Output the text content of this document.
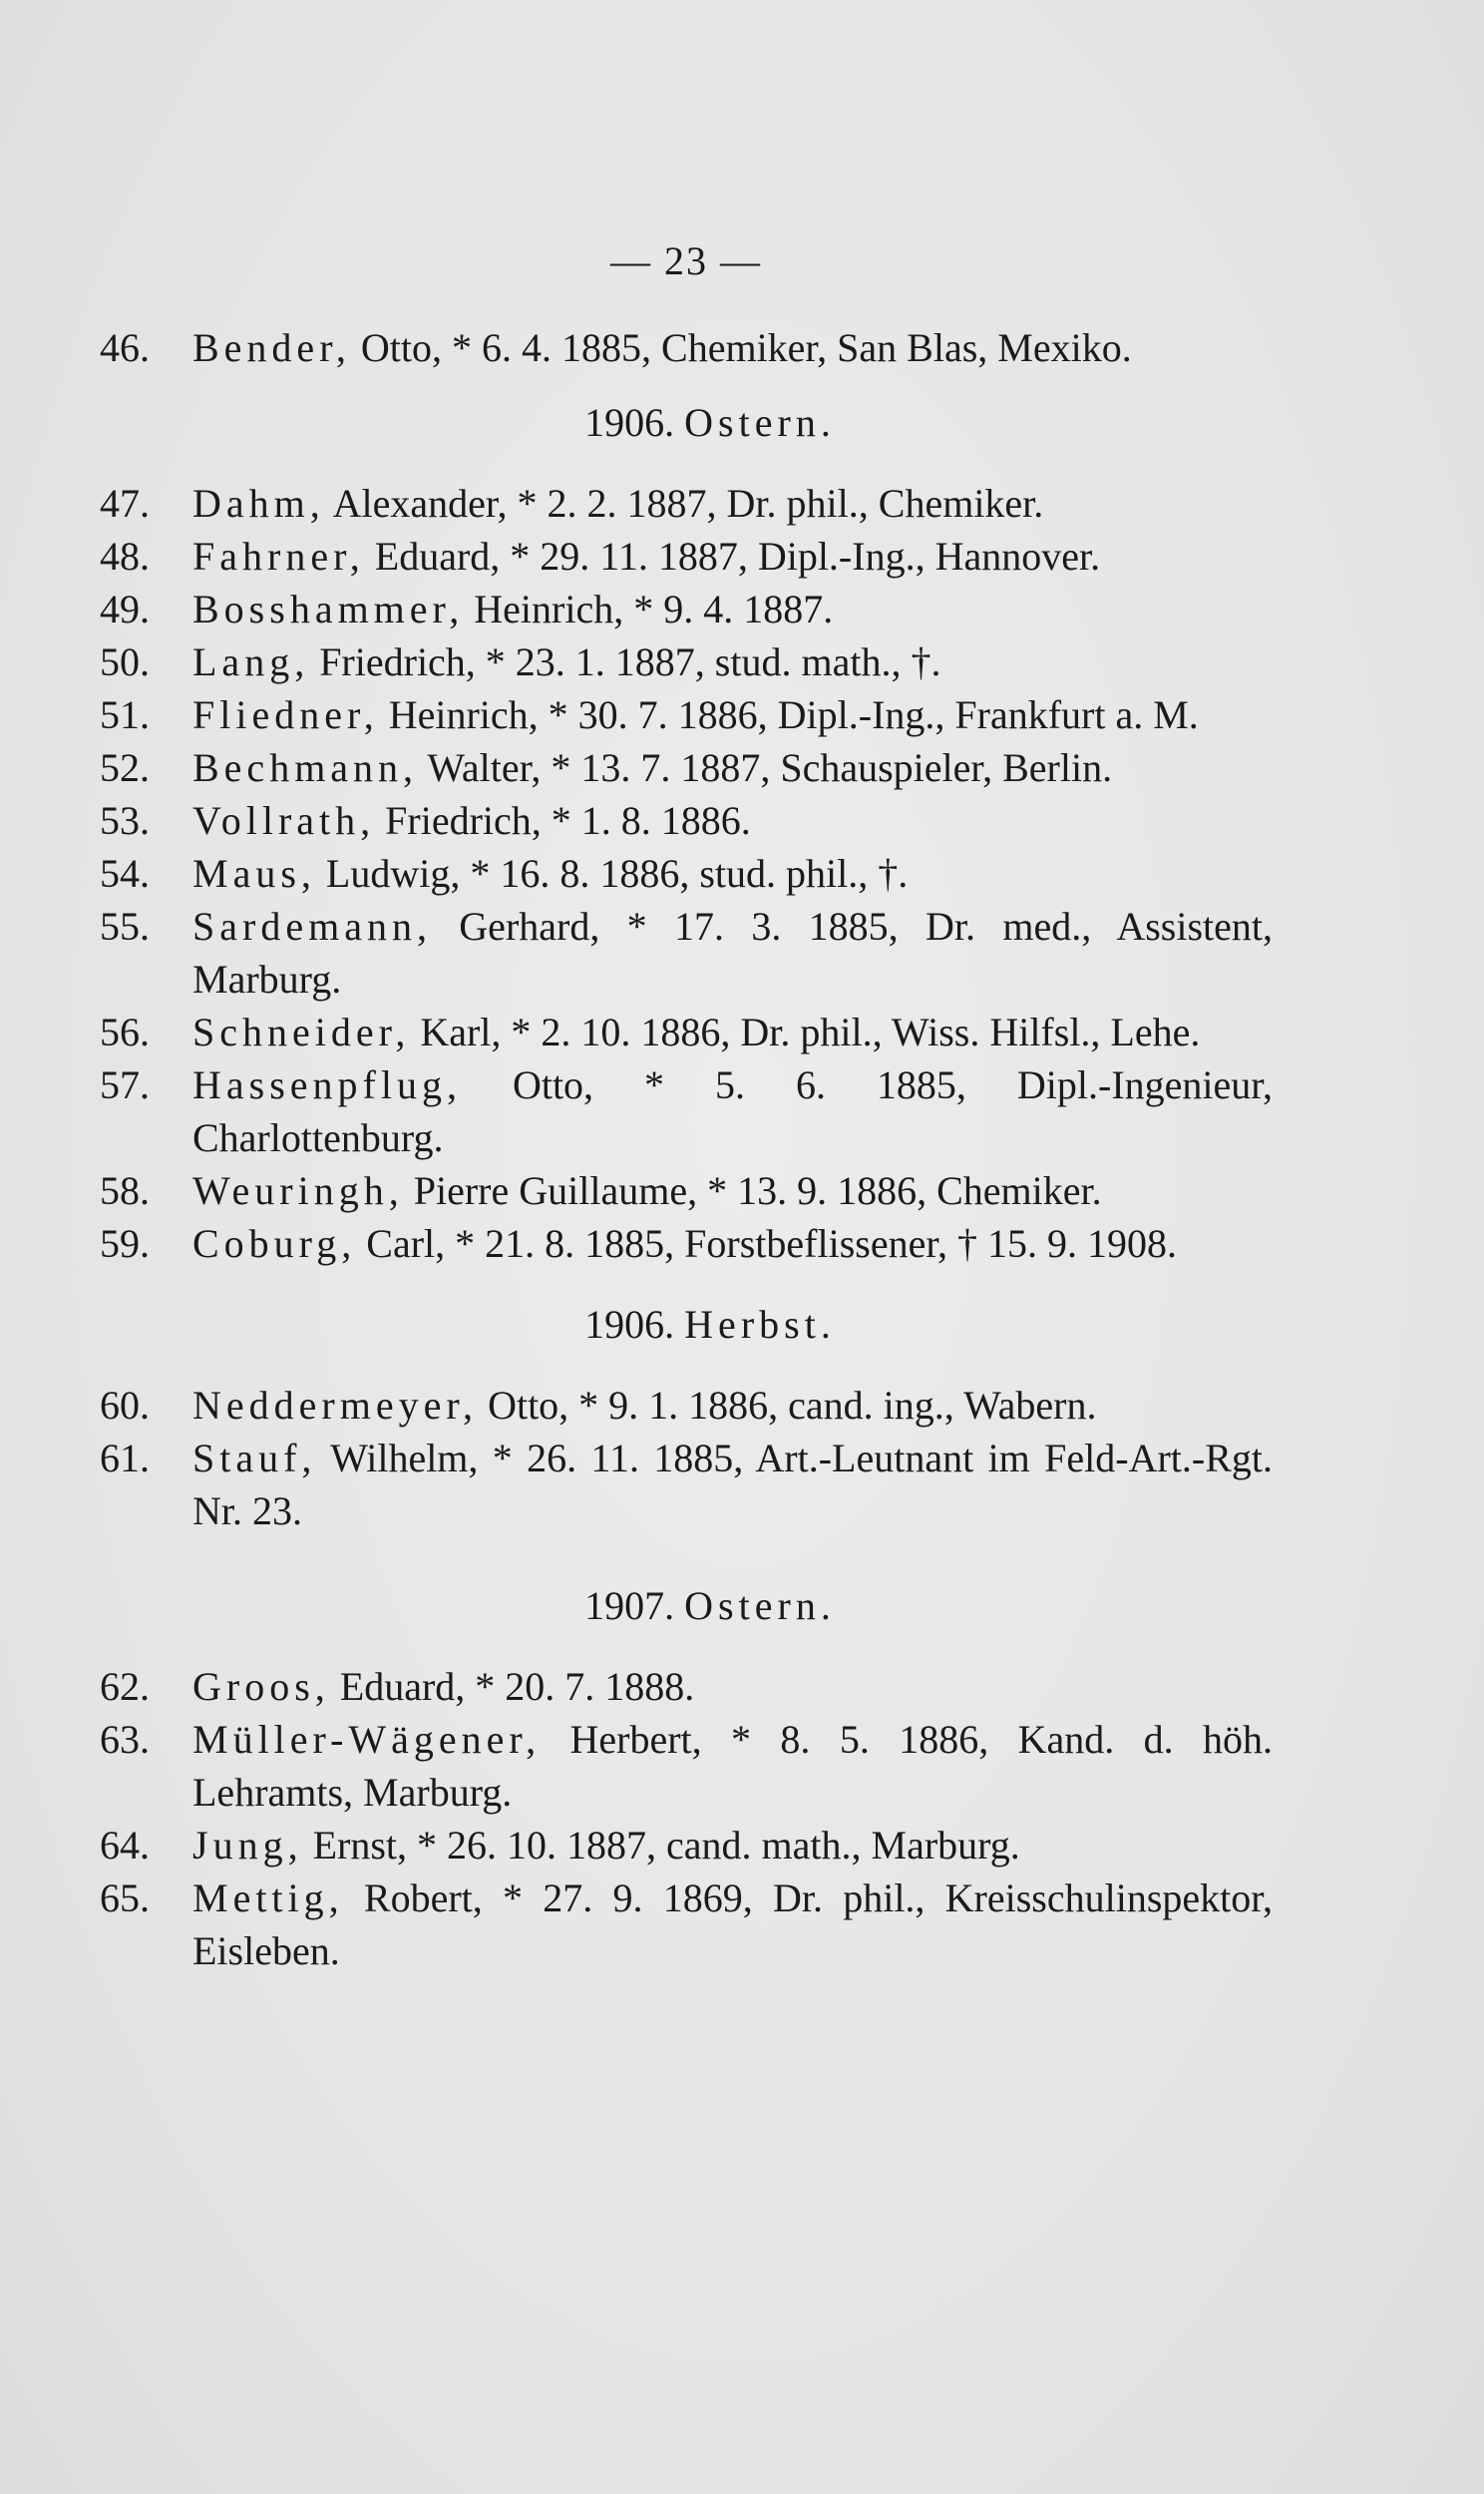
— 23 —
46.	Bender, Otto, * 6. 4. 1885, Chemiker, San Blas, Mexiko.
1906. Ostern.
47.	Dahm, Alexander, * 2. 2. 1887, Dr. phil., Chemiker.
48.	Fahrner, Eduard, * 29. 11. 1887, Dipl.-Ing., Hannover.
49.	Bosshammer, Heinrich, * 9. 4. 1887.
50.	Lang, Friedrich, * 23. 1. 1887, stud. math., †.
51.	Fliedner, Heinrich, * 30. 7. 1886, Dipl.-Ing., Frankfurt a. M.
52.	Bechmann, Walter, * 13. 7. 1887, Schauspieler, Berlin.
53.	Vollrath, Friedrich, * 1. 8. 1886.
54.	Maus, Ludwig, * 16. 8. 1886, stud. phil., †.
55.	Sardemann, Gerhard, * 17. 3. 1885, Dr. med., Assistent, Marburg.
56.	Schneider, Karl, * 2. 10. 1886, Dr. phil., Wiss. Hilfsl., Lehe.
57.	Hassenpflug, Otto, * 5. 6. 1885, Dipl.-Ingenieur, Charlottenburg.
58.	Weuringh, Pierre Guillaume, * 13. 9. 1886, Chemiker.
59.	Coburg, Carl, * 21. 8. 1885, Forstbeflissener, † 15. 9. 1908.
1906. Herbst.
60.	Neddermeyer, Otto, * 9. 1. 1886, cand. ing., Wabern.
61.	Stauf, Wilhelm, * 26. 11. 1885, Art.-Leutnant im Feld-Art.-Rgt. Nr. 23.
1907. Ostern.
62.	Groos, Eduard, * 20. 7. 1888.
63.	Müller-Wägener, Herbert, * 8. 5. 1886, Kand. d. höh. Lehramts, Marburg.
64.	Jung, Ernst, * 26. 10. 1887, cand. math., Marburg.
65.	Mettig, Robert, * 27. 9. 1869, Dr. phil., Kreisschulinspektor, Eisleben.
